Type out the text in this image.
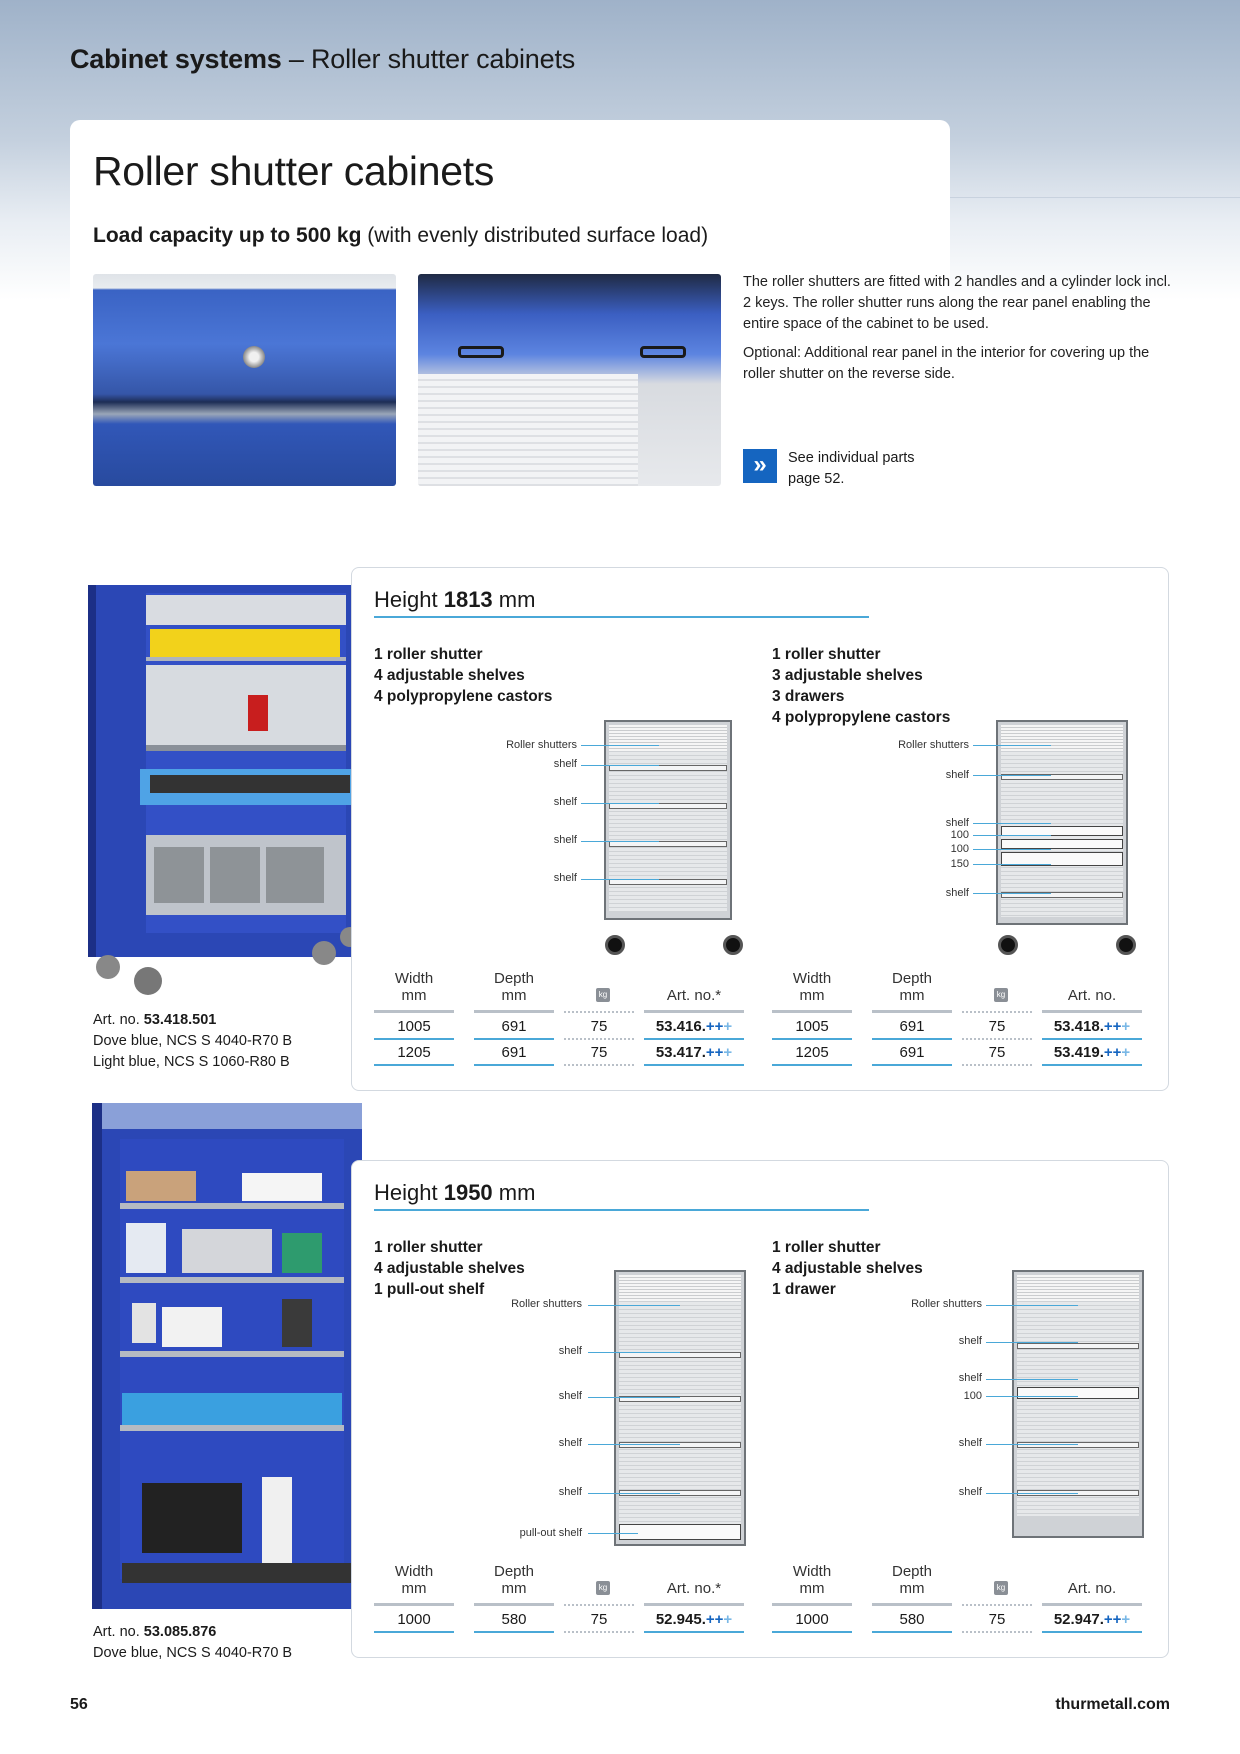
Cabinet systems – Roller shutter cabinets
Roller shutter cabinets
Load capacity up to 500 kg (with evenly distributed surface load)

The roller shutters are fitted with 2 handles and a cylinder lock incl. 2 keys. The roller shutter runs along the rear panel enabling the entire space of the cabinet to be used.

Optional: Additional rear panel in the interior for covering up the roller shutter on the reverse side.

»	See individual parts
page 52.
Art. no. 53.418.501
Dove blue, NCS S 4040-R70 B
Light blue, NCS S 1060-R80 B
Height 1813 mm
1 roller shutter
4 adjustable shelves
4 polypropylene castors
1 roller shutter
3 adjustable shelves
3 drawers
4 polypropylene castors
Roller shutters
shelf
shelf
shelf
shelf
Roller shutters
shelf
shelf
100
100
150
shelf
Width
mm
Depth
mm	kg	Art. no.*
1005	691	75	53.416.+++
1205	691	75	53.417.+++
Width
mm
Depth
mm	kg	Art. no.
1005	691	75	53.418.+++
1205	691	75	53.419.+++
Art. no. 53.085.876
Dove blue, NCS S 4040-R70 B
Height 1950 mm
1 roller shutter
4 adjustable shelves
1 pull-out shelf
1 roller shutter
4 adjustable shelves
1 drawer
Roller shutters
shelf
shelf
shelf
shelf
pull-out shelf
Roller shutters
shelf
shelf
100
shelf
shelf
Width
mm
Depth
mm	kg	Art. no.*
1000	580	75	52.945.+++
Width
mm
Depth
mm	kg	Art. no.
1000	580	75	52.947.+++
56	thurmetall.com
